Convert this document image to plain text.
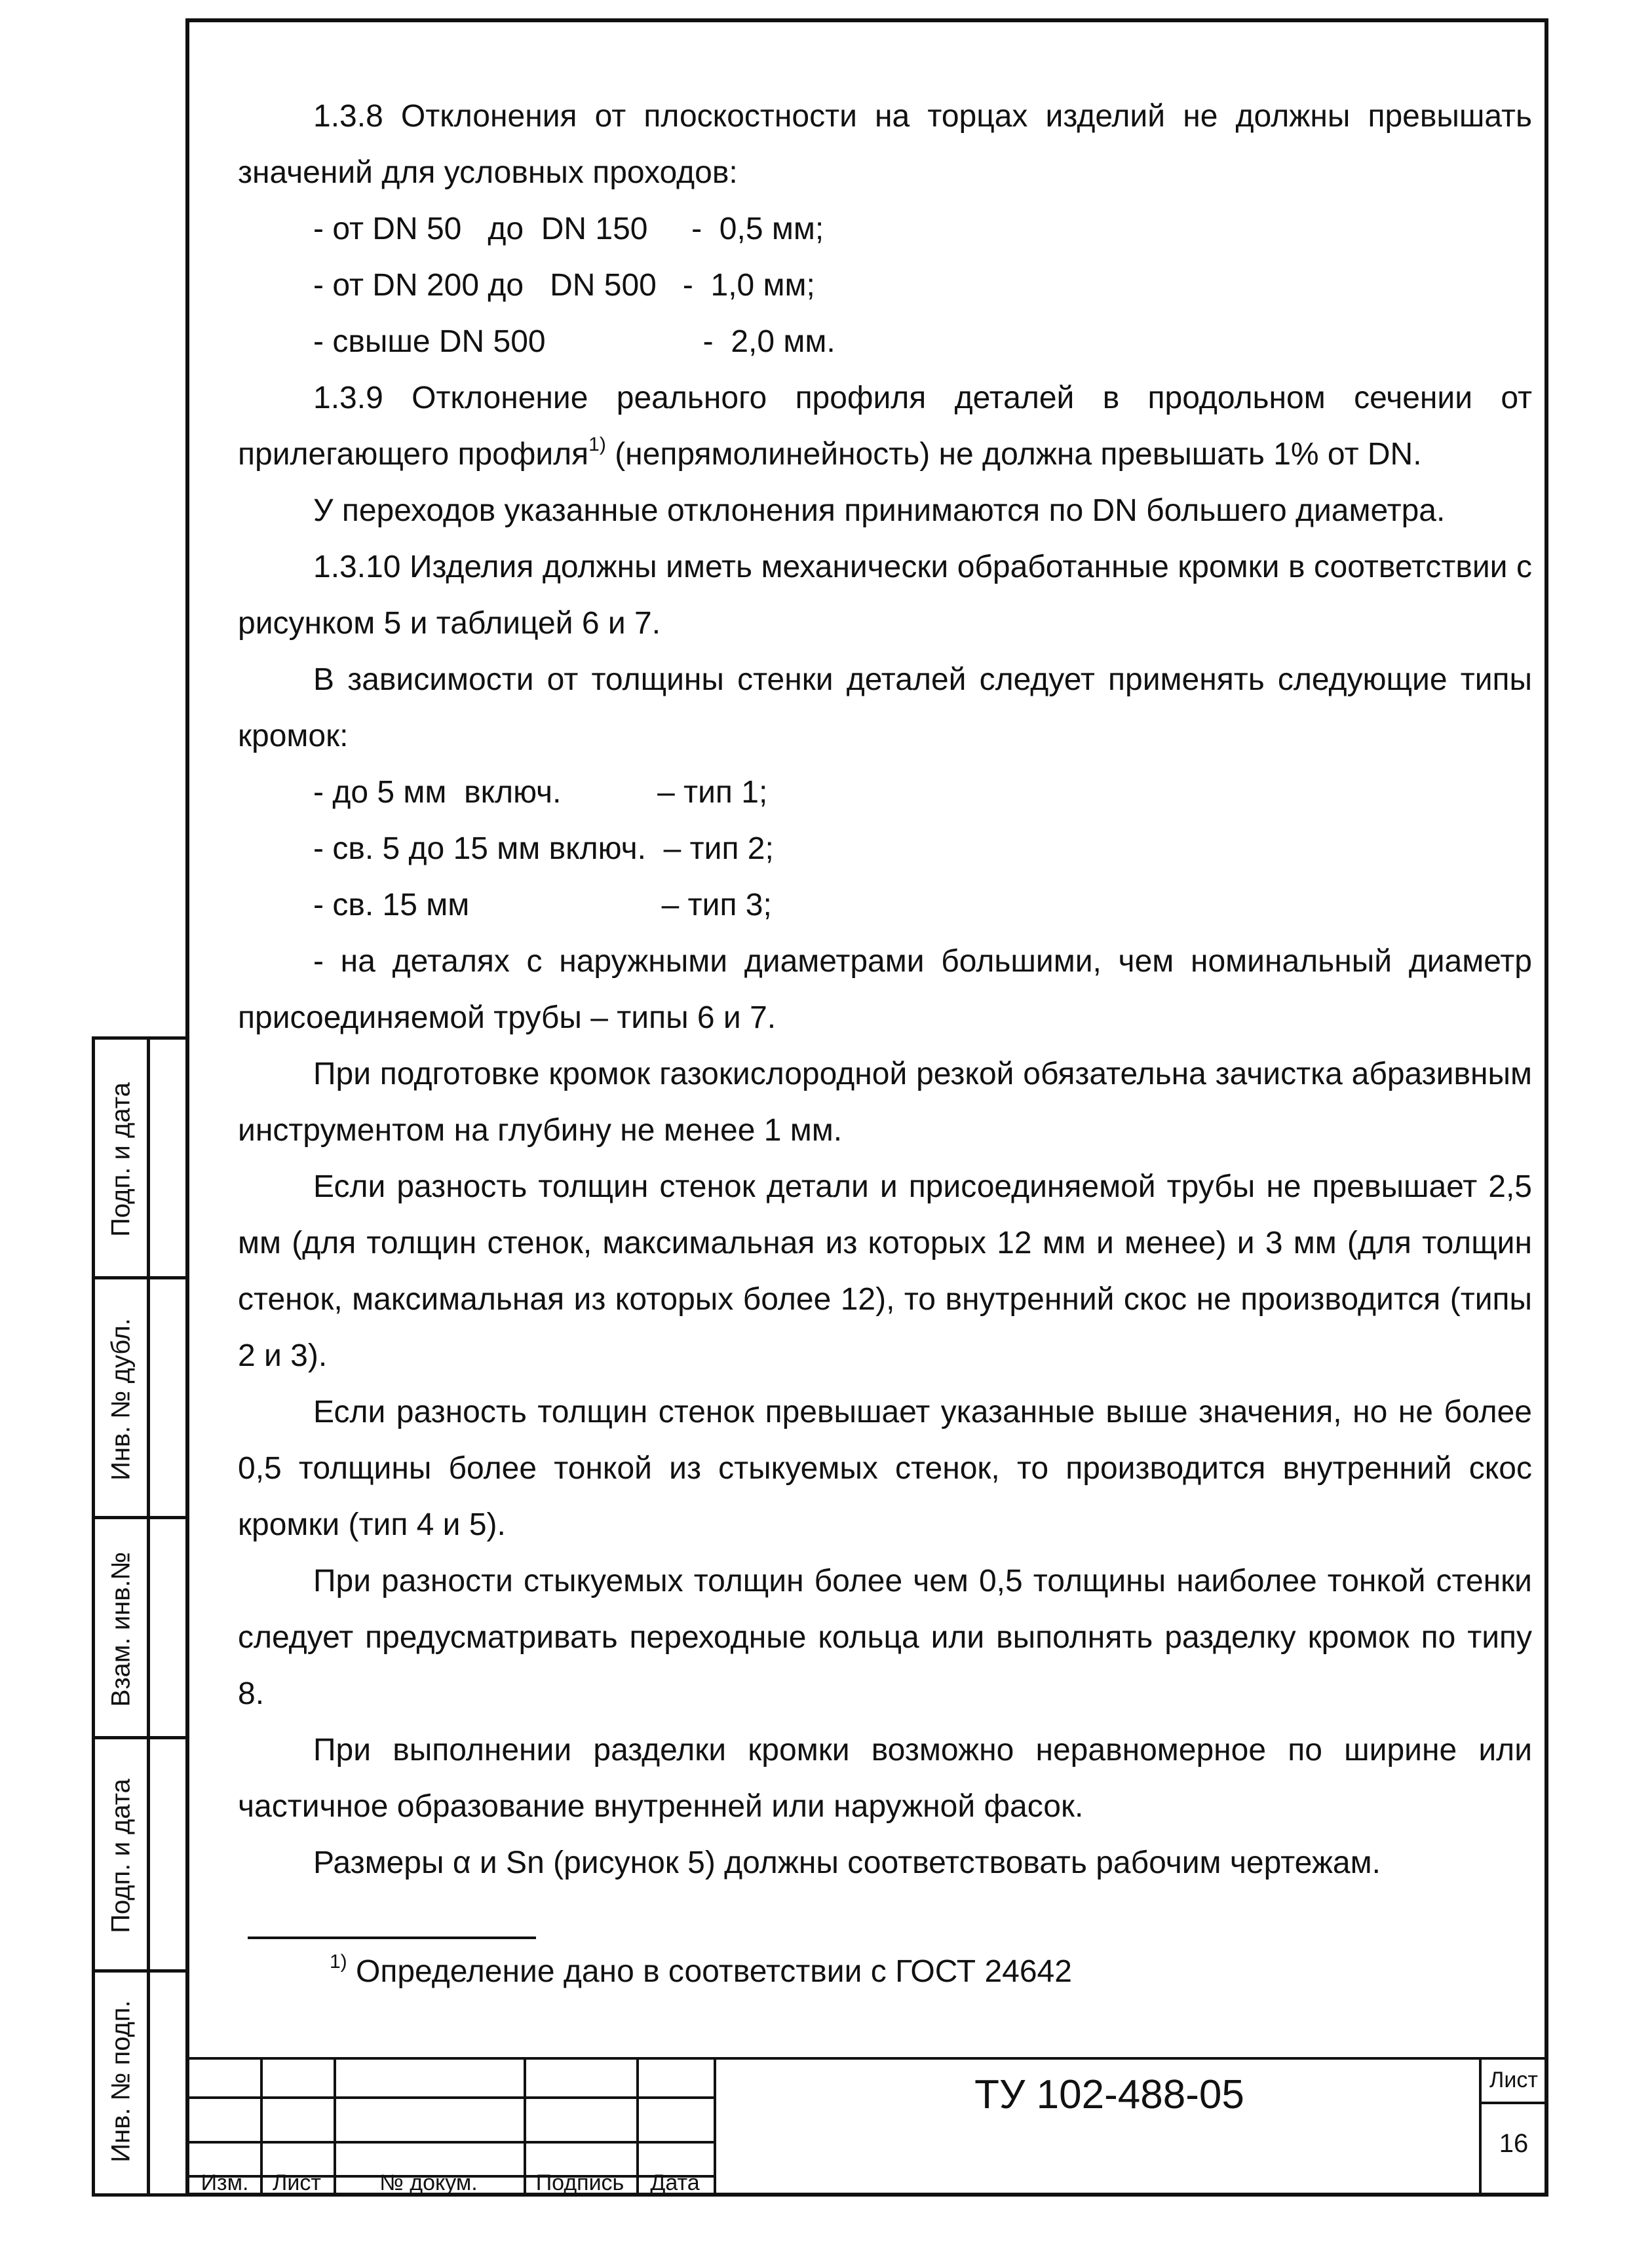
1.3.8 Отклонения от плоскостности на торцах изделий не должны превышать значений для условных проходов:

- от DN 50   до  DN 150     -  0,5 мм;

- от DN 200 до   DN 500   -  1,0 мм;

- свыше DN 500                  -  2,0 мм.

1.3.9 Отклонение реального профиля деталей в продольном сечении от прилегающего профиля$^{1)}$ (непрямолинейность) не должна превышать 1% от DN.

У переходов указанные отклонения принимаются по DN большего диаметра.

1.3.10 Изделия должны иметь механически обработанные кромки в соответствии с рисунком 5 и таблицей 6 и 7.

В зависимости от толщины стенки деталей следует применять следующие типы кромок:

- до 5 мм  включ.           – тип 1;

- св. 5 до 15 мм включ.  – тип 2;

- св. 15 мм                      – тип 3;

- на деталях с наружными диаметрами большими, чем номинальный диаметр присоединяемой трубы – типы 6 и 7.

При подготовке кромок газокислородной резкой обязательна зачистка абразивным инструментом на глубину не менее 1 мм.

Если разность толщин стенок детали и присоединяемой трубы не превышает 2,5 мм (для толщин стенок, максимальная из которых 12 мм и менее) и 3 мм (для толщин стенок, максимальная из которых более 12), то внутренний скос не производится (типы 2 и 3).

Если разность толщин стенок превышает указанные выше значения, но не более 0,5 толщины более тонкой из стыкуемых стенок, то производится внутренний скос кромки (тип 4 и 5).

При разности стыкуемых толщин более чем 0,5 толщины наиболее тонкой стенки следует предусматривать переходные кольца или выполнять разделку кромок по типу 8.

При выполнении разделки кромки возможно неравномерное по ширине или частичное образование внутренней или наружной фасок.

Размеры α и Sn (рисунок 5) должны соответствовать рабочим чертежам.

$^{1)}$ Определение дано в соответствии с ГОСТ 24642
Подп. и дата
Инв. № дубл.
Взам. инв.№
Подп. и дата
Инв. № подп.
Изм. Лист	№ докум.	Подпись Дата
Лист
16
ТУ 102-488-05
